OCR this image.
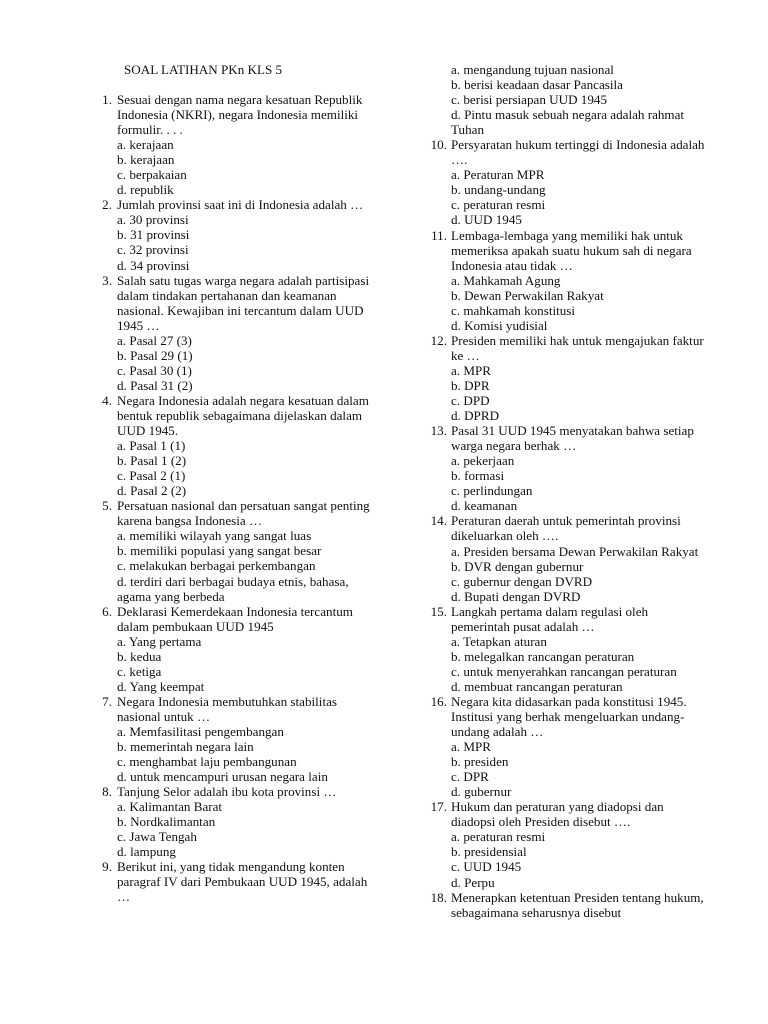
SOAL LATIHAN PKn KLS 5
1. Sesuai dengan nama negara kesatuan Republik Indonesia (NKRI), negara Indonesia memiliki formulir. . . .
a. kerajaan
b. kerajaan
c. berpakaian
d. republik
2. Jumlah provinsi saat ini di Indonesia adalah …
a. 30 provinsi
b. 31 provinsi
c. 32 provinsi
d. 34 provinsi
3. Salah satu tugas warga negara adalah partisipasi dalam tindakan pertahanan dan keamanan nasional. Kewajiban ini tercantum dalam UUD 1945 …
a. Pasal 27 (3)
b. Pasal 29 (1)
c. Pasal 30 (1)
d. Pasal 31 (2)
4. Negara Indonesia adalah negara kesatuan dalam bentuk republik sebagaimana dijelaskan dalam UUD 1945.
a. Pasal 1 (1)
b. Pasal 1 (2)
c. Pasal 2 (1)
d. Pasal 2 (2)
5. Persatuan nasional dan persatuan sangat penting karena bangsa Indonesia …
a. memiliki wilayah yang sangat luas
b. memiliki populasi yang sangat besar
c. melakukan berbagai perkembangan
d. terdiri dari berbagai budaya etnis, bahasa, agama yang berbeda
6. Deklarasi Kemerdekaan Indonesia tercantum dalam pembukaan UUD 1945
a. Yang pertama
b. kedua
c. ketiga
d. Yang keempat
7. Negara Indonesia membutuhkan stabilitas nasional untuk …
a. Memfasilitasi pengembangan
b. memerintah negara lain
c. menghambat laju pembangunan
d. untuk mencampuri urusan negara lain
8. Tanjung Selor adalah ibu kota provinsi …
a. Kalimantan Barat
b. Nordkalimantan
c. Jawa Tengah
d. lampung
9. Berikut ini, yang tidak mengandung konten paragraf IV dari Pembukaan UUD 1945, adalah …
a. mengandung tujuan nasional
b. berisi keadaan dasar Pancasila
c. berisi persiapan UUD 1945
d. Pintu masuk sebuah negara adalah rahmat Tuhan
10. Persyaratan hukum tertinggi di Indonesia adalah ….
a. Peraturan MPR
b. undang-undang
c. peraturan resmi
d. UUD 1945
11. Lembaga-lembaga yang memiliki hak untuk memeriksa apakah suatu hukum sah di negara Indonesia atau tidak …
a. Mahkamah Agung
b. Dewan Perwakilan Rakyat
c. mahkamah konstitusi
d. Komisi yudisial
12. Presiden memiliki hak untuk mengajukan faktur ke …
a. MPR
b. DPR
c. DPD
d. DPRD
13. Pasal 31 UUD 1945 menyatakan bahwa setiap warga negara berhak …
a. pekerjaan
b. formasi
c. perlindungan
d. keamanan
14. Peraturan daerah untuk pemerintah provinsi dikeluarkan oleh ….
a. Presiden bersama Dewan Perwakilan Rakyat
b. DVR dengan gubernur
c. gubernur dengan DVRD
d. Bupati dengan DVRD
15. Langkah pertama dalam regulasi oleh pemerintah pusat adalah …
a. Tetapkan aturan
b. melegalkan rancangan peraturan
c. untuk menyerahkan rancangan peraturan
d. membuat rancangan peraturan
16. Negara kita didasarkan pada konstitusi 1945. Institusi yang berhak mengeluarkan undang-undang adalah …
a. MPR
b. presiden
c. DPR
d. gubernur
17. Hukum dan peraturan yang diadopsi dan diadopsi oleh Presiden disebut ….
a. peraturan resmi
b. presidensial
c. UUD 1945
d. Perpu
18. Menerapkan ketentuan Presiden tentang hukum, sebagaimana seharusnya disebut
